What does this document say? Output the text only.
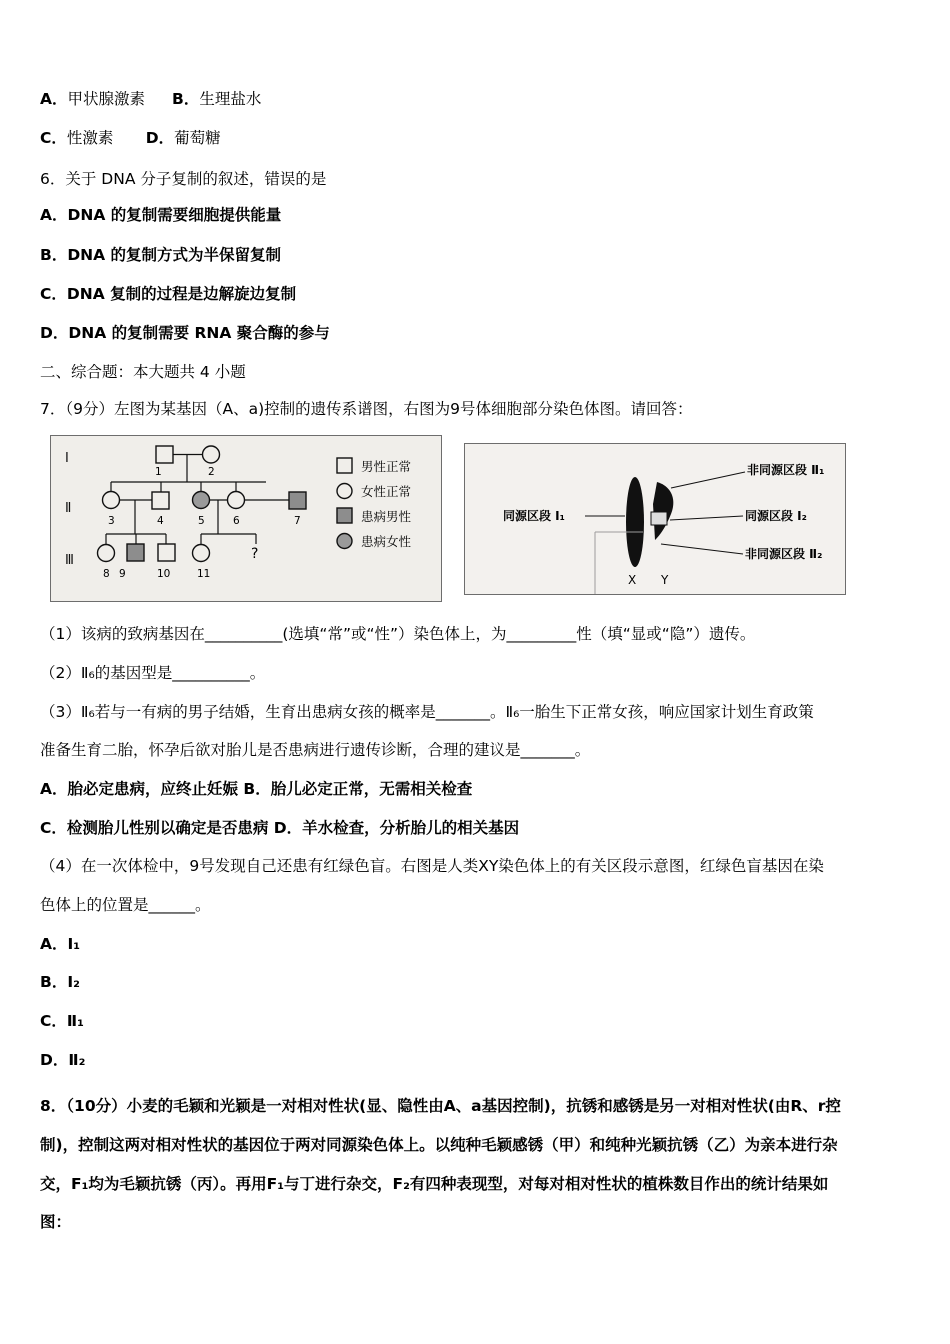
A．甲状腺激素 B．生理盐水
C．性激素 D．葡萄糖
6．关于 DNA 分子复制的叙述，错误的是
A．DNA 的复制需要细胞提供能量
B．DNA 的复制方式为半保留复制
C．DNA 复制的过程是边解旋边复制
D．DNA 的复制需要 RNA 聚合酶的参与
二、综合题：本大题共 4 小题
7．（9分）左图为某基因（A、a)控制的遗传系谱图，右图为9号体细胞部分染色体图。请回答：
Ⅰ
Ⅱ
Ⅲ
1	2
3	4	5	6	7
?
8 9	10	11
男性正常
女性正常
患病男性
患病女性
非同源区段 Ⅱ₁
同源区段 Ⅰ₁	同源区段 Ⅰ₂
非同源区段 Ⅱ₂
X Y
（1）该病的致病基因在__________(选填“常”或“性”）染色体上，为_________性（填“显或“隐”）遗传。
（2）Ⅱ₆的基因型是__________。
（3）Ⅱ₆若与一有病的男子结婚，生育出患病女孩的概率是_______。Ⅱ₆一胎生下正常女孩，响应国家计划生育政策
准备生育二胎，怀孕后欲对胎儿是否患病进行遗传诊断，合理的建议是_______。
A．胎必定患病，应终止妊娠 B．胎儿必定正常，无需相关检查
C．检测胎儿性别以确定是否患病 D．羊水检查，分析胎儿的相关基因
（4）在一次体检中，9号发现自己还患有红绿色盲。右图是人类XY染色体上的有关区段示意图，红绿色盲基因在染
色体上的位置是______。
A．Ⅰ₁
B．Ⅰ₂
C．Ⅱ₁
D．Ⅱ₂
8．（10分）小麦的毛颖和光颖是一对相对性状(显、隐性由A、a基因控制)，抗锈和感锈是另一对相对性状(由R、r控
制)，控制这两对相对性状的基因位于两对同源染色体上。以纯种毛颖感锈（甲）和纯种光颖抗锈（乙）为亲本进行杂
交，F₁均为毛颖抗锈（丙）。再用F₁与丁进行杂交，F₂有四种表现型，对每对相对性状的植株数目作出的统计结果如
图：
